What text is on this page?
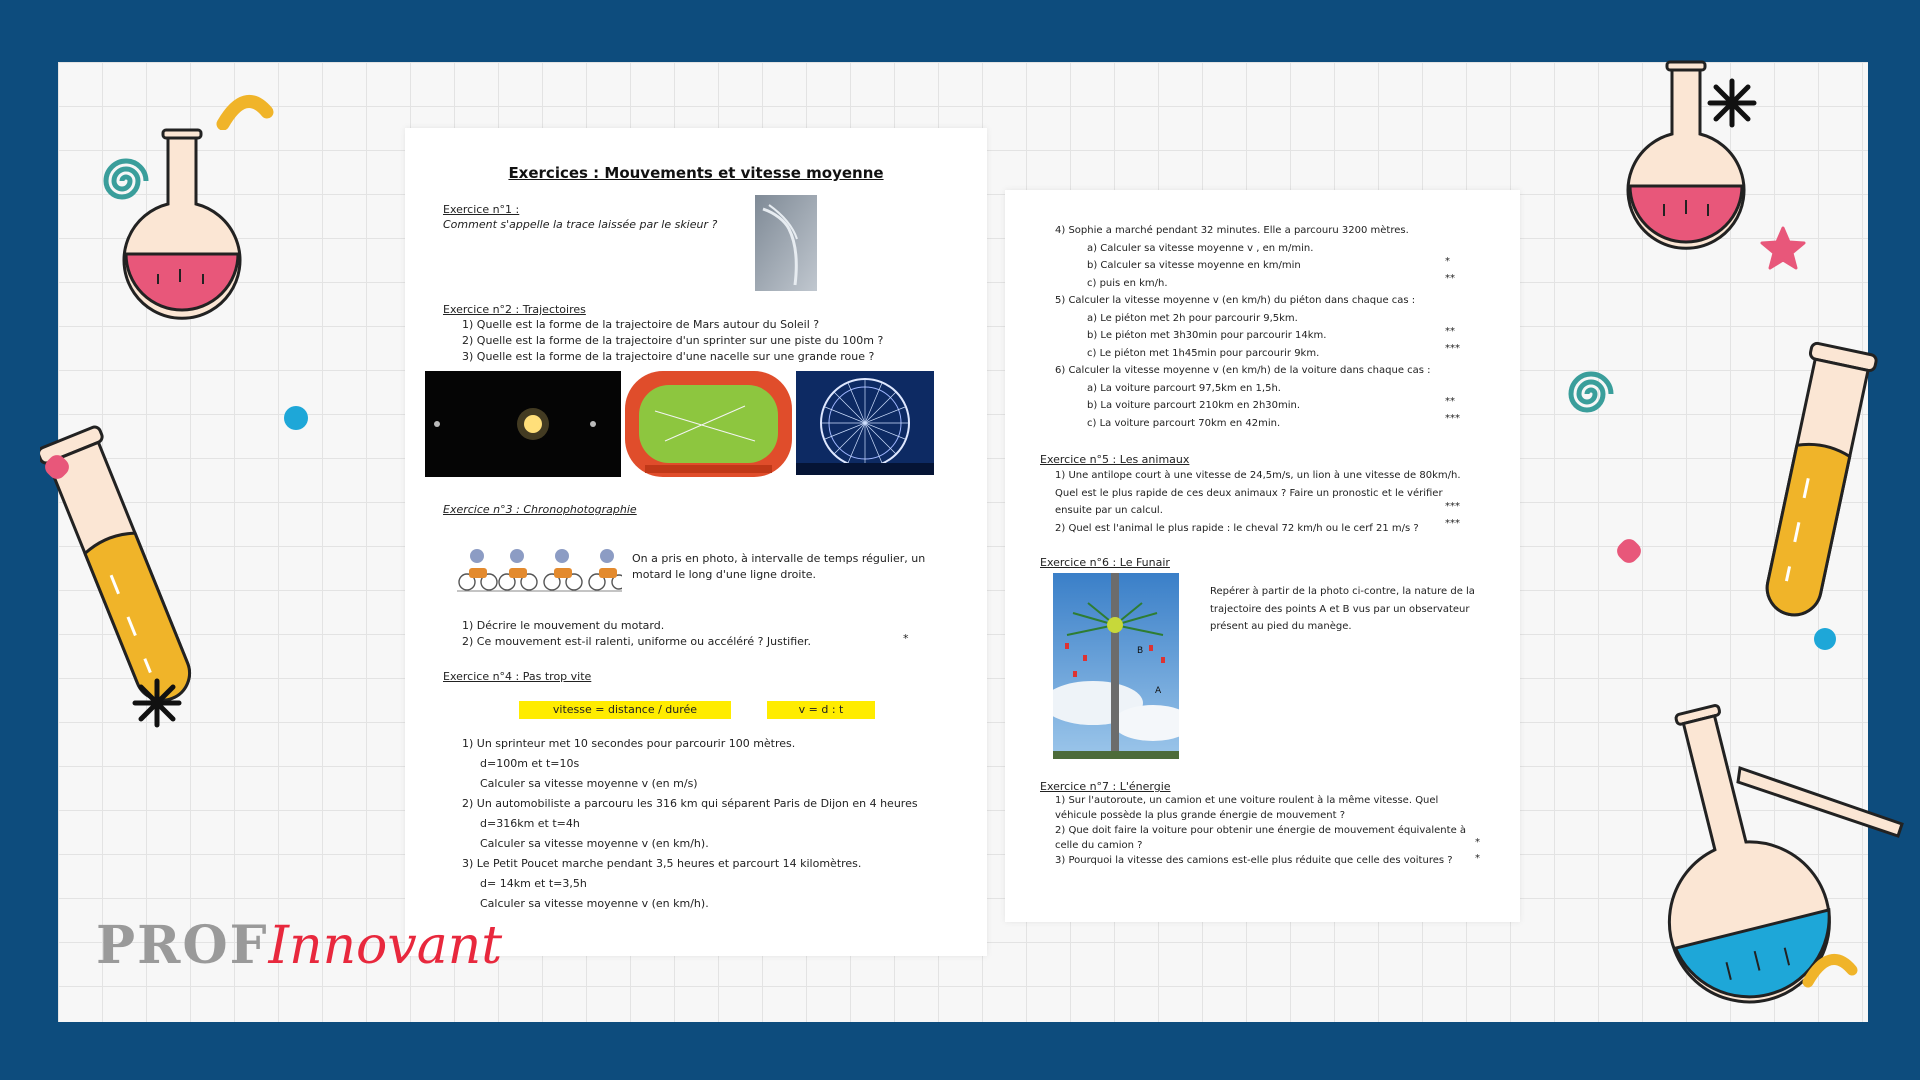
Exercices : Mouvements et vitesse moyenne
Exercice n°1 :
Comment s'appelle la trace laissée par le skieur ?
Exercice n°2 : Trajectoires
1) Quelle est la forme de la trajectoire de Mars autour du Soleil ?
2) Quelle est la forme de la trajectoire d'un sprinter sur une piste du 100m ?
3) Quelle est la forme de la trajectoire d'une nacelle sur une grande roue ?
Exercice n°3 : Chronophotographie
On a pris en photo, à intervalle de temps régulier, un motard le long d'une ligne droite.
1) Décrire le mouvement du motard.
2) Ce mouvement est-il ralenti, uniforme ou accéléré ? Justifier.	*
Exercice n°4 : Pas trop vite
vitesse = distance / durée	v = d : t
1) Un sprinteur met 10 secondes pour parcourir 100 mètres.
d=100m et t=10s
Calculer sa vitesse moyenne v (en m/s)
2) Un automobiliste a parcouru les 316 km qui séparent Paris de Dijon en 4 heures
d=316km et t=4h
Calculer sa vitesse moyenne v (en km/h).
3) Le Petit Poucet marche pendant 3,5 heures et parcourt 14 kilomètres.
d= 14km et t=3,5h
Calculer sa vitesse moyenne v (en km/h).
4) Sophie a marché pendant 32 minutes. Elle a parcouru 3200 mètres.
a) Calculer sa vitesse moyenne v , en m/min.
b) Calculer sa vitesse moyenne en km/min
c) puis en km/h.
5) Calculer la vitesse moyenne v (en km/h) du piéton dans chaque cas :
a) Le piéton met 2h pour parcourir 9,5km.
b) Le piéton met 3h30min pour parcourir 14km.
c) Le piéton met 1h45min pour parcourir 9km.
6) Calculer la vitesse moyenne v (en km/h) de la voiture dans chaque cas :
a) La voiture parcourt 97,5km en 1,5h.
b) La voiture parcourt 210km en 2h30min.
c) La voiture parcourt 70km en 42min.
*
**
**
***
**
***
Exercice n°5 : Les animaux
1) Une antilope court à une vitesse de 24,5m/s, un lion à une vitesse de 80km/h. Quel est le plus rapide de ces deux animaux ? Faire un pronostic et le vérifier ensuite par un calcul.
2) Quel est l'animal le plus rapide : le cheval 72 km/h ou le cerf 21 m/s ?
***
***
Exercice n°6 : Le Funair
B
A
Repérer à partir de la photo ci-contre, la nature de la trajectoire des points A et B vus par un observateur présent au pied du manège.
Exercice n°7 : L'énergie
1) Sur l'autoroute, un camion et une voiture roulent à la même vitesse. Quel véhicule possède la plus grande énergie de mouvement ?
2) Que doit faire la voiture pour obtenir une énergie de mouvement équivalente à celle du camion ?
3) Pourquoi la vitesse des camions est-elle plus réduite que celle des voitures ?
*
*
PROFInnovant
